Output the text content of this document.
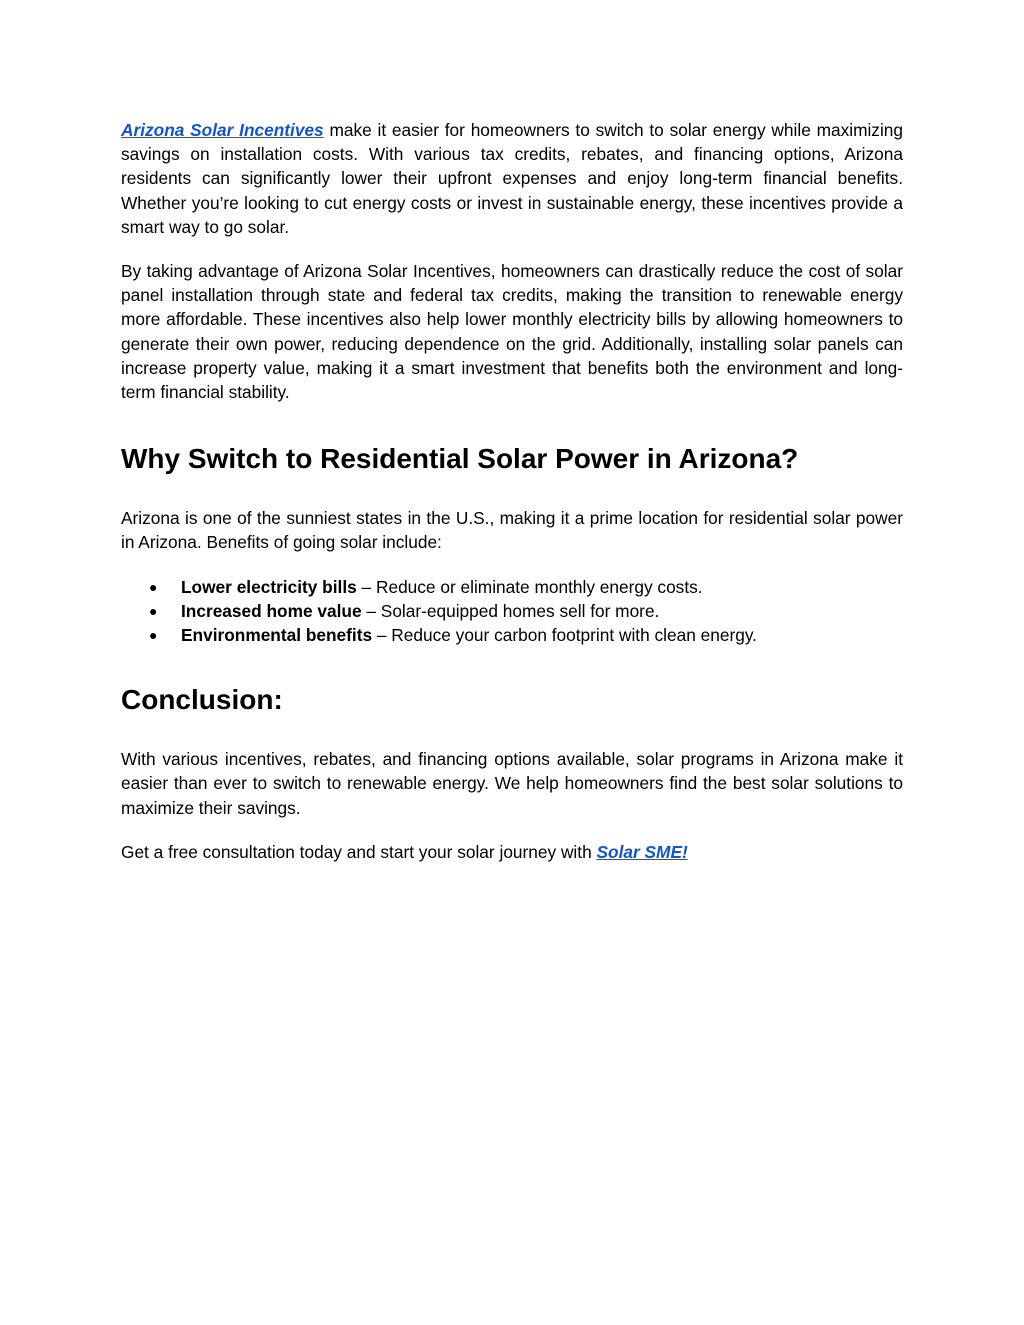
Arizona Solar Incentives make it easier for homeowners to switch to solar energy while maximizing savings on installation costs. With various tax credits, rebates, and financing options, Arizona residents can significantly lower their upfront expenses and enjoy long-term financial benefits. Whether you’re looking to cut energy costs or invest in sustainable energy, these incentives provide a smart way to go solar.

By taking advantage of Arizona Solar Incentives, homeowners can drastically reduce the cost of solar panel installation through state and federal tax credits, making the transition to renewable energy more affordable. These incentives also help lower monthly electricity bills by allowing homeowners to generate their own power, reducing dependence on the grid. Additionally, installing solar panels can increase property value, making it a smart investment that benefits both the environment and long-term financial stability.

Why Switch to Residential Solar Power in Arizona?

Arizona is one of the sunniest states in the U.S., making it a prime location for residential solar power in Arizona. Benefits of going solar include:

● Lower electricity bills – Reduce or eliminate monthly energy costs.
● Increased home value – Solar-equipped homes sell for more.
● Environmental benefits – Reduce your carbon footprint with clean energy.
Conclusion:

With various incentives, rebates, and financing options available, solar programs in Arizona make it easier than ever to switch to renewable energy. We help homeowners find the best solar solutions to maximize their savings.

Get a free consultation today and start your solar journey with Solar SME!
